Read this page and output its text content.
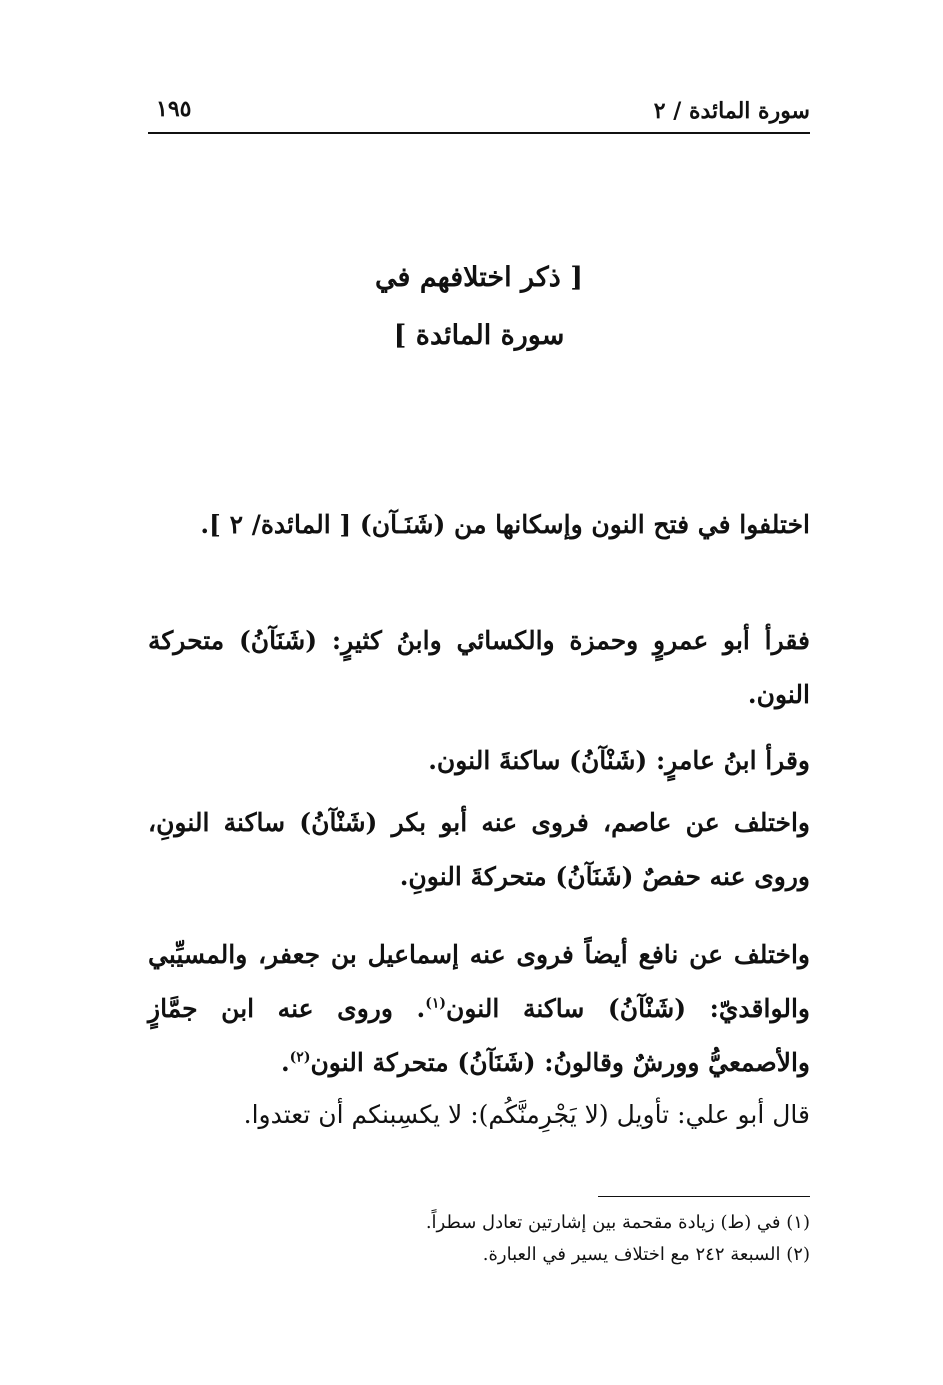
سورة المائدة / ٢
١٩٥
[ ذكر اختلافهم في
سورة المائدة ]
اختلفوا في فتح النون وإسكانها من (شَنَـآن) [ المائدة/ ٢ ].
فقرأ أبو عمروٍ وحمزة والكسائي وابنُ كثيرٍ: (شَنَآنُ) متحركة النون.
وقرأ ابنُ عامرٍ: (شَنْآنُ) ساكنةَ النون.
واختلف عن عاصم، فروى عنه أبو بكر (شَنْآنُ) ساكنة النونِ، وروى عنه حفصٌ (شَنَآنُ) متحركةَ النونِ.
واختلف عن نافع أيضاً فروى عنه إسماعيل بن جعفر، والمسيِّبي والواقديّ: (شَنْآنُ) ساكنة النون$^{(١)}$. وروى عنه ابن جمَّازٍ والأصمعيُّ وورشٌ وقالونُ: (شَنَآنُ) متحركة النون$^{(٢)}$.
قال أبو علي: تأويل (لا يَجْرِمنَّكُم): لا يكسِبنكم أن تعتدوا.
(١) في (ط) زيادة مقحمة بين إشارتين تعادل سطراً.
(٢) السبعة ٢٤٢ مع اختلاف يسير في العبارة.
